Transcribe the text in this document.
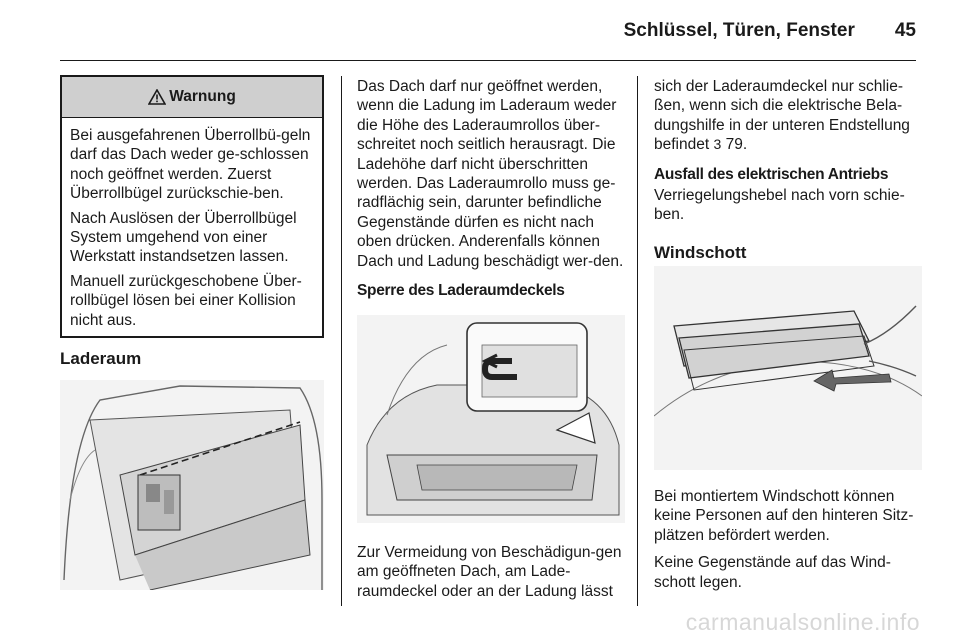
Schlüssel, Türen, Fenster 45
Warnung

Bei ausgefahrenen Überrollbü-geln darf das Dach weder ge-schlossen noch geöffnet werden. Zuerst Überrollbügel zurückschie-ben.

Nach Auslösen der Überrollbügel System umgehend von einer Werkstatt instandsetzen lassen.

Manuell zurückgeschobene Über-rollbügel lösen bei einer Kollision nicht aus.

Laderaum

Das Dach darf nur geöffnet werden, wenn die Ladung im Laderaum weder die Höhe des Laderaumrollos über-schreitet noch seitlich herausragt. Die Ladehöhe darf nicht überschritten werden. Das Laderaumrollo muss ge-radflächig sein, darunter befindliche Gegenstände dürfen es nicht nach oben drücken. Anderenfalls können Dach und Ladung beschädigt wer-den.

Sperre des Laderaumdeckels

Zur Vermeidung von Beschädigun-gen am geöffneten Dach, am Lade-raumdeckel oder an der Ladung lässt

sich der Laderaumdeckel nur schlie-ßen, wenn sich die elektrische Bela-dungshilfe in der unteren Endstellung befindet 3 79.

Ausfall des elektrischen Antriebs

Verriegelungshebel nach vorn schie-ben.

Windschott

Bei montiertem Windschott können keine Personen auf den hinteren Sitz-plätzen befördert werden.

Keine Gegenstände auf das Wind-schott legen.

carmanualsonline.info
